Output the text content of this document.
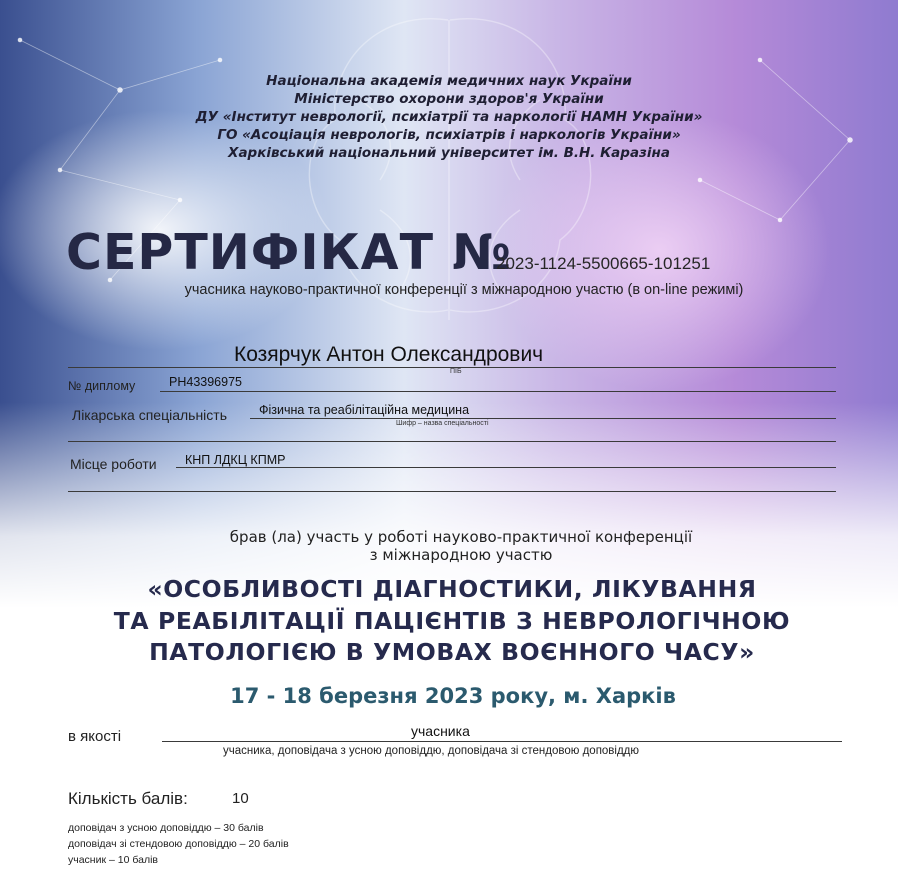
Національна академія медичних наук України
Міністерство охорони здоров'я України
ДУ «Інститут неврології, психіатрії та наркології НАМН України»
ГО «Асоціація неврологів, психіатрів і наркологів України»
Харківський національний університет ім. В.Н. Каразіна
СЕРТИФІКАТ №
2023-1124-5500665-101251
учасника науково-практичної конференції з міжнародною участю (в on-line режимі)
Козярчук Антон Олександрович
ПІБ
№ диплому	РН43396975
Лікарська спеціальність	Фізична та реабілітаційна медицина
Шифр – назва спеціальності
Місце роботи КНП ЛДКЦ КПМР
брав (ла) участь у роботі науково-практичної конференції
з міжнародною участю
«ОСОБЛИВОСТІ ДІАГНОСТИКИ, ЛІКУВАННЯ
ТА РЕАБІЛІТАЦІЇ ПАЦІЄНТІВ З НЕВРОЛОГІЧНОЮ
ПАТОЛОГІЄЮ В УМОВАХ ВОЄННОГО ЧАСУ»
17 - 18 березня 2023 року, м. Харків
в якості	учасника
учасника, доповідача з усною доповіддю, доповідача зі стендовою доповіддю
Кількість балів:	10
доповідач з усною доповіддю – 30 балів
доповідач зі стендовою доповіддю – 20 балів
учасник – 10 балів
